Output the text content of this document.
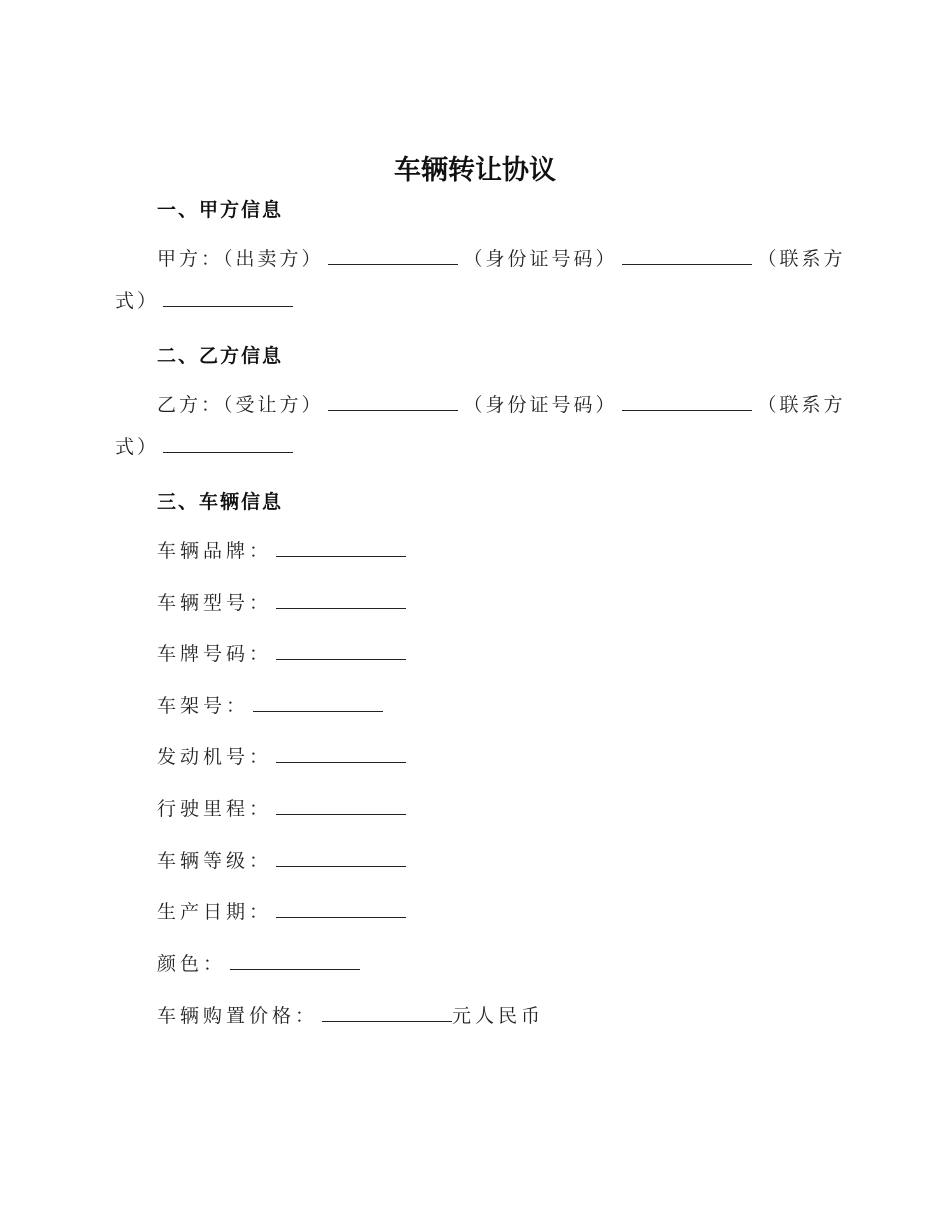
车辆转让协议
一、甲方信息
甲方：（出卖方）	（身份证号码）	（联系方
式）
二、乙方信息
乙方：（受让方）	（身份证号码）	（联系方
式）
三、车辆信息
车辆品牌：
车辆型号：
车牌号码：
车架号：
发动机号：
行驶里程：
车辆等级：
生产日期：
颜色：
车辆购置价格：	元人民币
